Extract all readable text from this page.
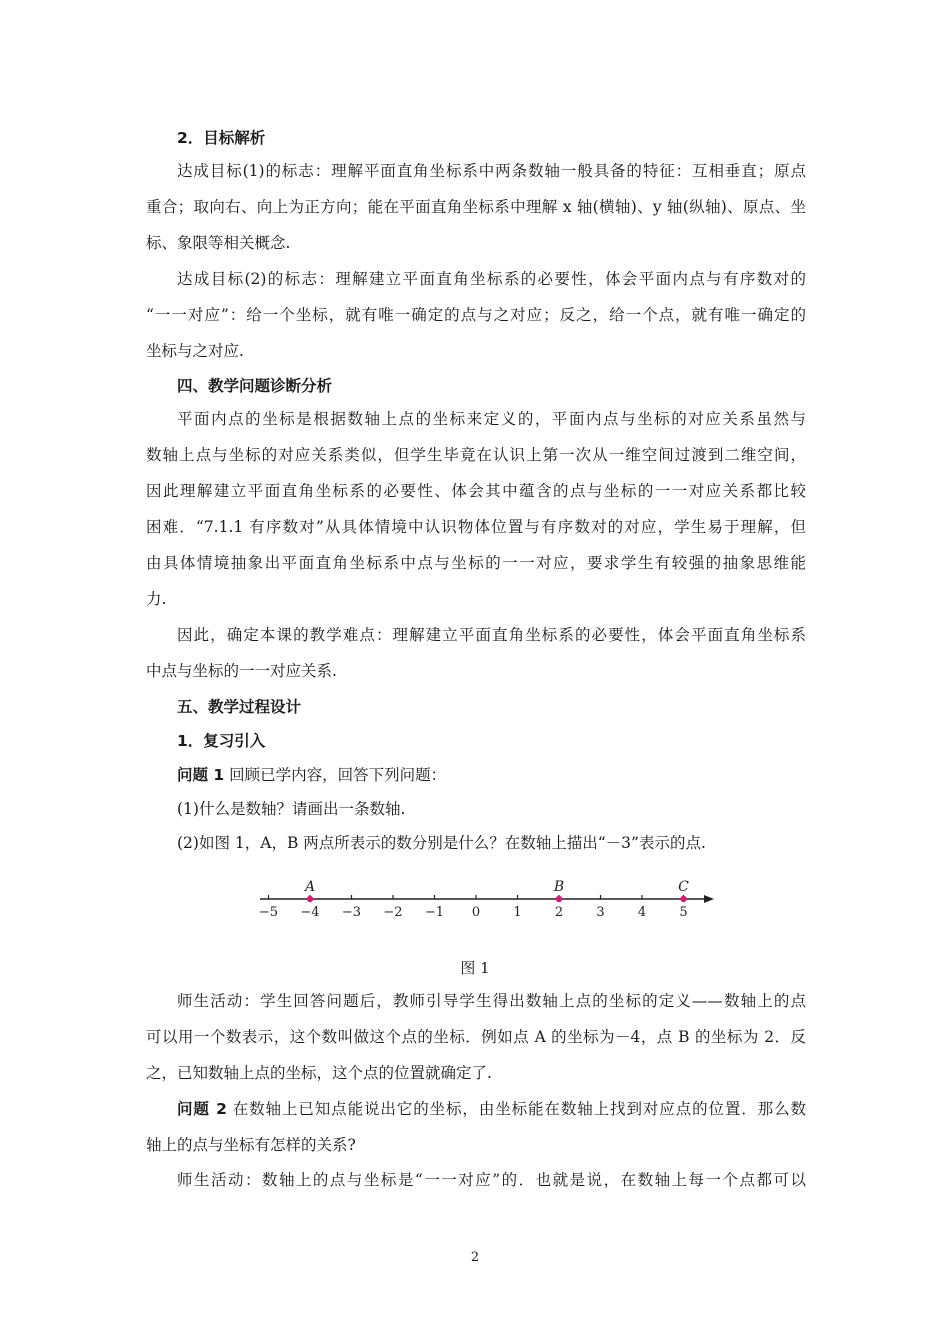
2．目标解析
达成目标(1)的标志：理解平面直角坐标系中两条数轴一般具备的特征：互相垂直；原点
重合；取向右、向上为正方向；能在平面直角坐标系中理解 x 轴(横轴)、y 轴(纵轴)、原点、坐
标、象限等相关概念.
达成目标(2)的标志：理解建立平面直角坐标系的必要性，体会平面内点与有序数对的
“一一对应”：给一个坐标，就有唯一确定的点与之对应；反之，给一个点，就有唯一确定的
坐标与之对应.
四、教学问题诊断分析
平面内点的坐标是根据数轴上点的坐标来定义的，平面内点与坐标的对应关系虽然与
数轴上点与坐标的对应关系类似，但学生毕竟在认识上第一次从一维空间过渡到二维空间，
因此理解建立平面直角坐标系的必要性、体会其中蕴含的点与坐标的一一对应关系都比较
困难．“7.1.1 有序数对”从具体情境中认识物体位置与有序数对的对应，学生易于理解，但
由具体情境抽象出平面直角坐标系中点与坐标的一一对应，要求学生有较强的抽象思维能
力.
因此，确定本课的教学难点：理解建立平面直角坐标系的必要性，体会平面直角坐标系
中点与坐标的一一对应关系.
五、教学过程设计
1．复习引入
问题 1 回顾已学内容，回答下列问题：
(1)什么是数轴？请画出一条数轴.
(2)如图 1，A，B 两点所表示的数分别是什么？在数轴上描出“－3”表示的点.
−5 −4 −3 −2 −1 0	1	2	3	4	5
A	B	C
图 1
师生活动：学生回答问题后，教师引导学生得出数轴上点的坐标的定义——数轴上的点
可以用一个数表示，这个数叫做这个点的坐标．例如点 A 的坐标为－4，点 B 的坐标为 2．反
之，已知数轴上点的坐标，这个点的位置就确定了.
问题 2 在数轴上已知点能说出它的坐标，由坐标能在数轴上找到对应点的位置．那么数
轴上的点与坐标有怎样的关系?
师生活动：数轴上的点与坐标是“一一对应”的．也就是说，在数轴上每一个点都可以
2
